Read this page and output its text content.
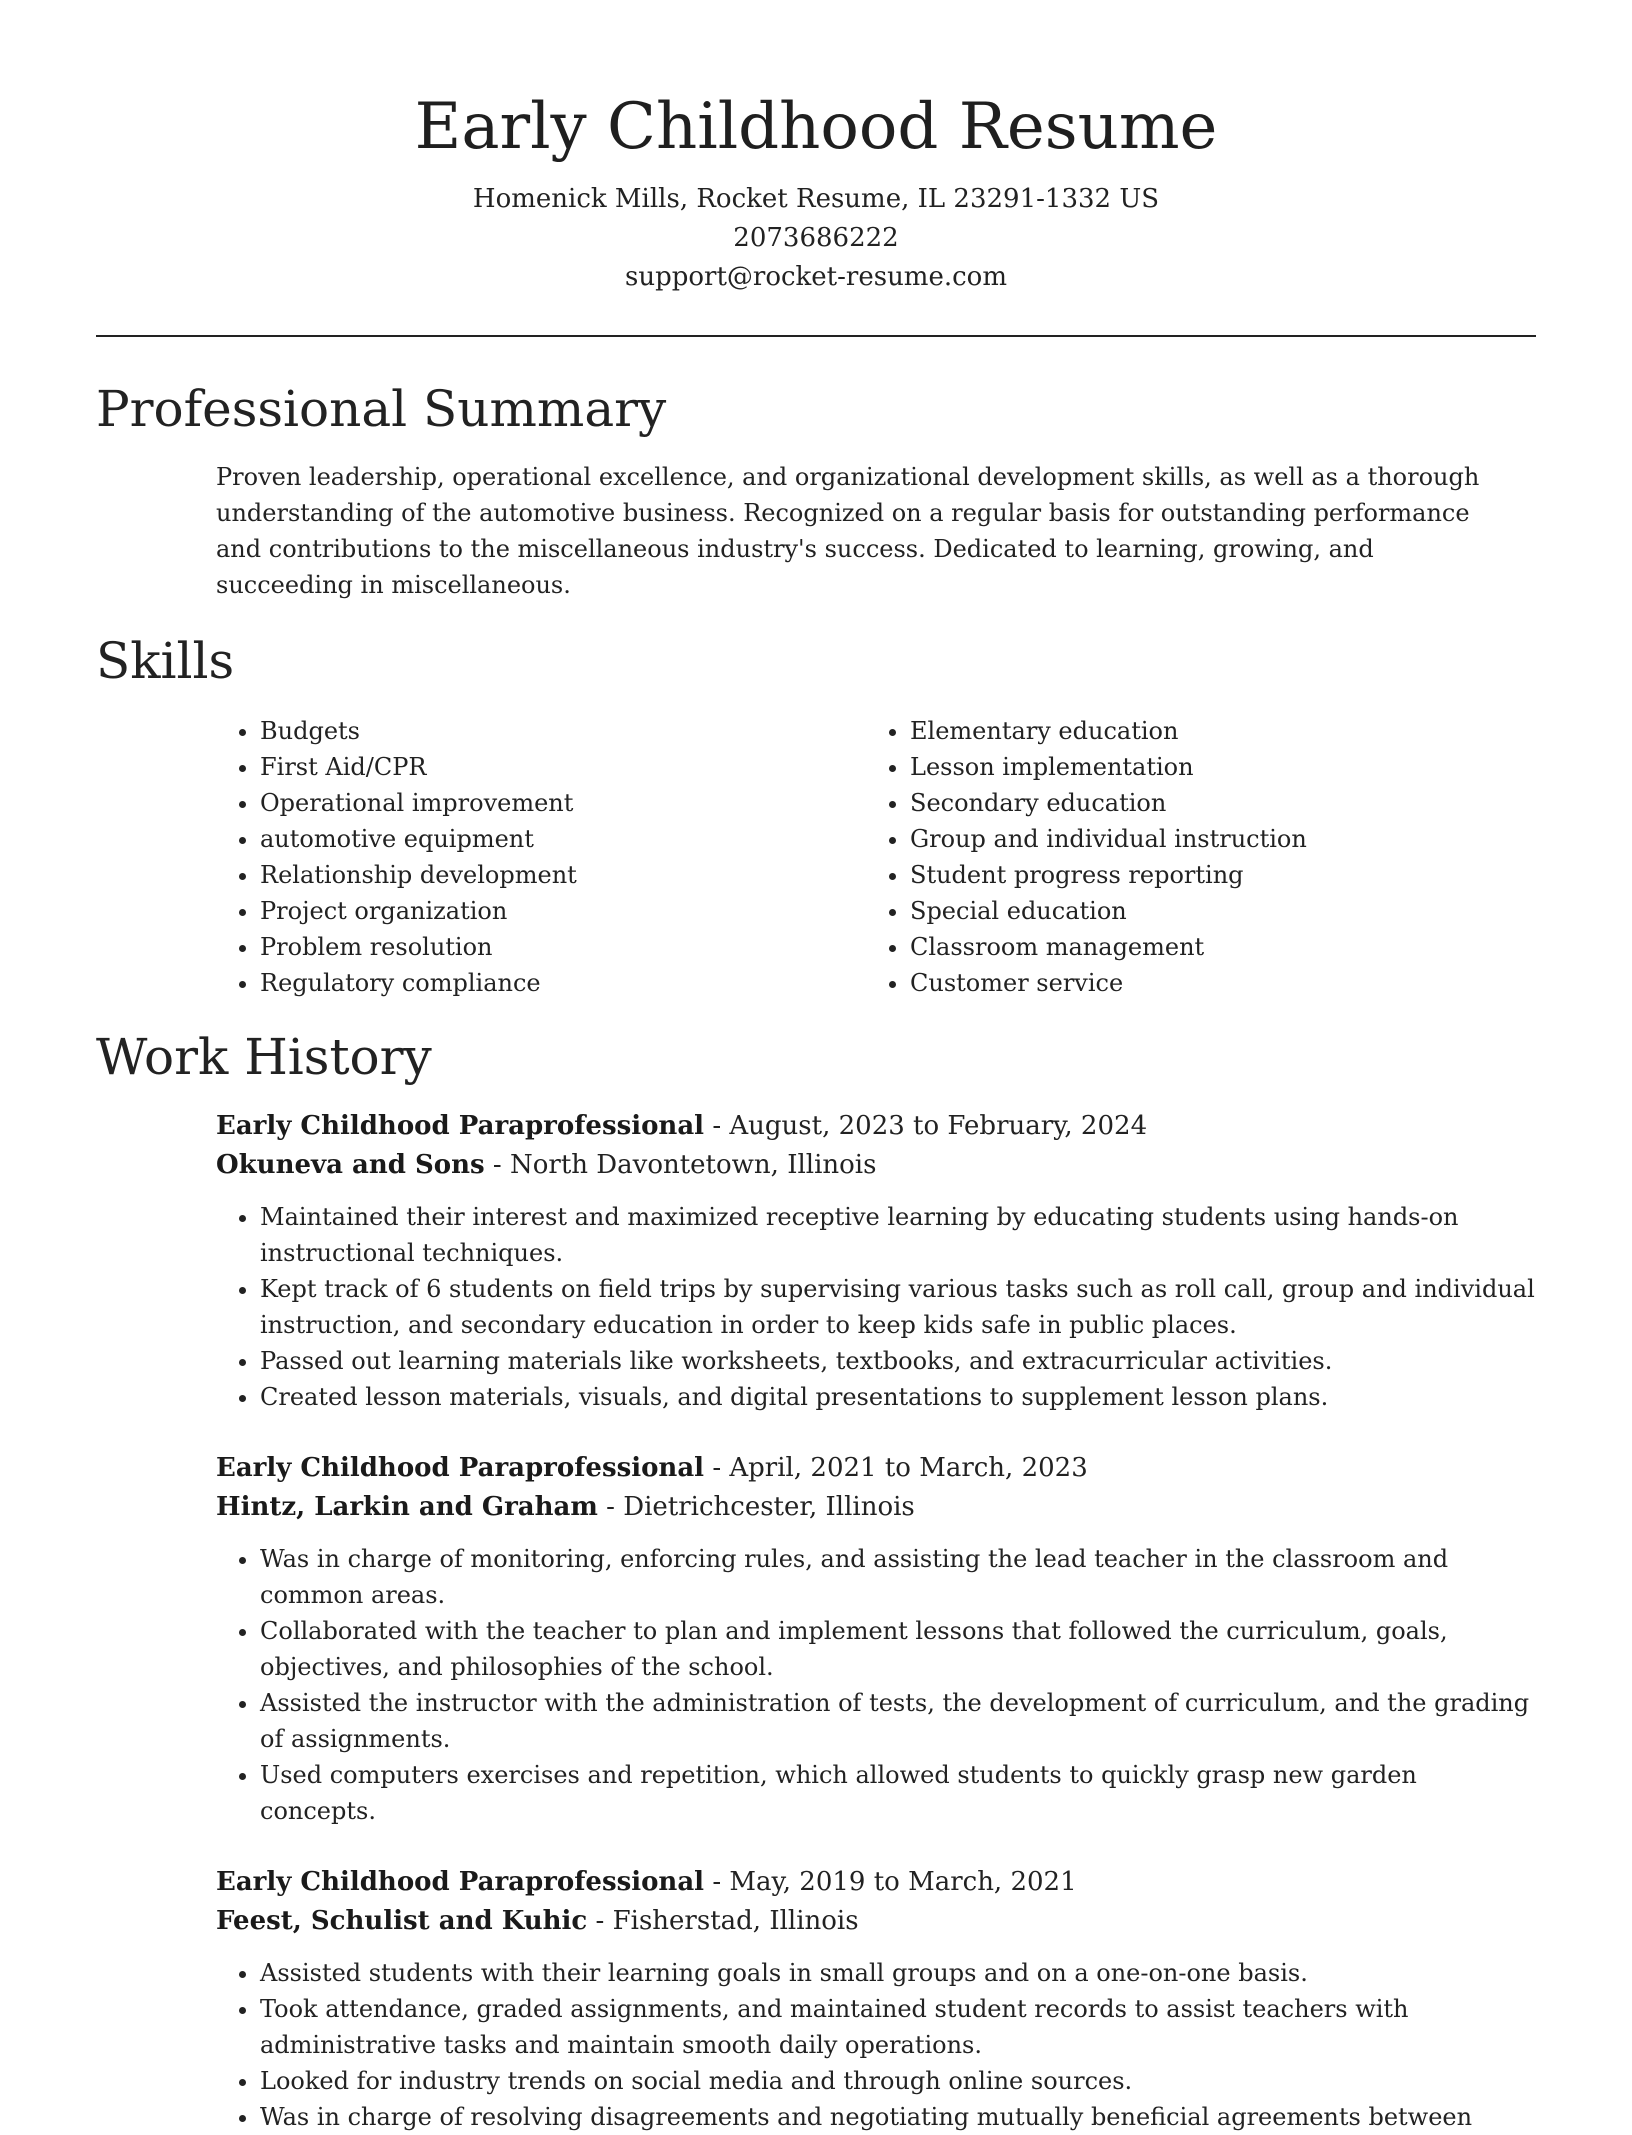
Early Childhood Resume
Homenick Mills, Rocket Resume, IL 23291-1332 US
2073686222
support@rocket-resume.com
Professional Summary

Proven leadership, operational excellence, and organizational development skills, as well as a thorough understanding of the automotive business. Recognized on a regular basis for outstanding performance and contributions to the miscellaneous industry's success. Dedicated to learning, growing, and succeeding in miscellaneous.

Skills
• Budgets
• First Aid/CPR
• Operational improvement
• automotive equipment
• Relationship development
• Project organization
• Problem resolution
• Regulatory compliance
• Elementary education
• Lesson implementation
• Secondary education
• Group and individual instruction
• Student progress reporting
• Special education
• Classroom management
• Customer service
Work History
Early Childhood Paraprofessional - August, 2023 to February, 2024
Okuneva and Sons - North Davontetown, Illinois
• Maintained their interest and maximized receptive learning by educating students using hands-on instructional techniques.
• Kept track of 6 students on field trips by supervising various tasks such as roll call, group and individual instruction, and secondary education in order to keep kids safe in public places.
• Passed out learning materials like worksheets, textbooks, and extracurricular activities.
• Created lesson materials, visuals, and digital presentations to supplement lesson plans.
Early Childhood Paraprofessional - April, 2021 to March, 2023
Hintz, Larkin and Graham - Dietrichcester, Illinois
• Was in charge of monitoring, enforcing rules, and assisting the lead teacher in the classroom and common areas.
• Collaborated with the teacher to plan and implement lessons that followed the curriculum, goals, objectives, and philosophies of the school.
• Assisted the instructor with the administration of tests, the development of curriculum, and the grading of assignments.
• Used computers exercises and repetition, which allowed students to quickly grasp new garden concepts.
Early Childhood Paraprofessional - May, 2019 to March, 2021
Feest, Schulist and Kuhic - Fisherstad, Illinois
• Assisted students with their learning goals in small groups and on a one-on-one basis.
• Took attendance, graded assignments, and maintained student records to assist teachers with administrative tasks and maintain smooth daily operations.
• Looked for industry trends on social media and through online sources.
• Was in charge of resolving disagreements and negotiating mutually beneficial agreements between
